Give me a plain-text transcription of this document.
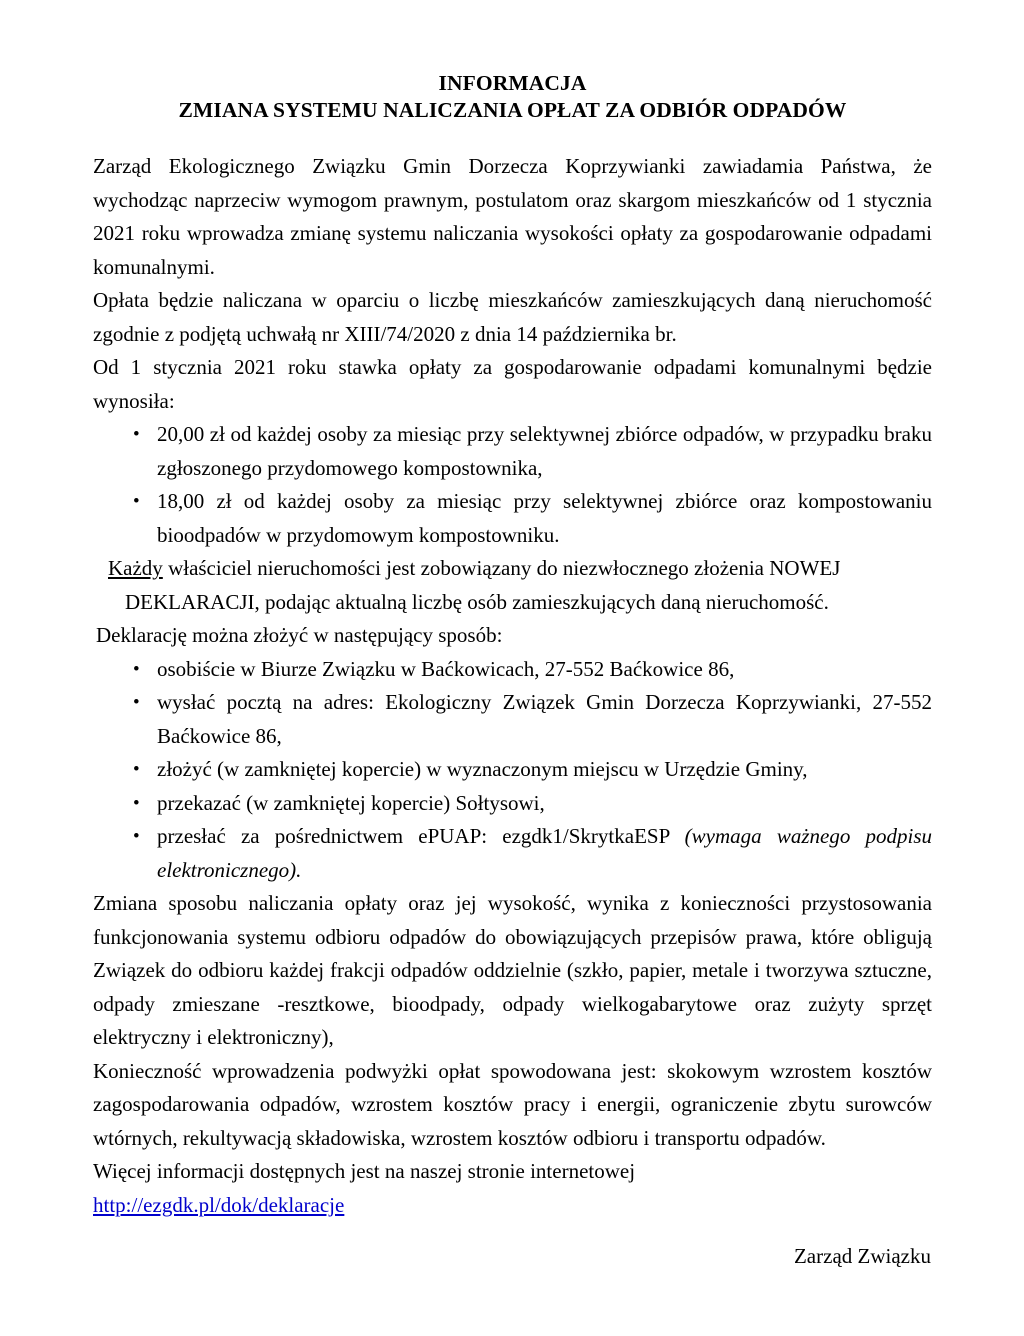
INFORMACJA
ZMIANA SYSTEMU NALICZANIA OPŁAT ZA ODBIÓR ODPADÓW

Zarząd Ekologicznego Związku Gmin Dorzecza Koprzywianki zawiadamia Państwa, że wychodząc naprzeciw wymogom prawnym, postulatom oraz skargom mieszkańców od 1 stycznia 2021 roku wprowadza zmianę systemu naliczania wysokości opłaty za gospodarowanie odpadami komunalnymi.

Opłata będzie naliczana w oparciu o liczbę mieszkańców zamieszkujących daną nieruchomość zgodnie z podjętą uchwałą nr XIII/74/2020 z dnia 14 października br.

Od 1 stycznia 2021 roku stawka opłaty za gospodarowanie odpadami komunalnymi będzie wynosiła:

• 20,00 zł od każdej osoby za miesiąc przy selektywnej zbiórce odpadów, w przypadku braku zgłoszonego przydomowego kompostownika,
• 18,00 zł od każdej osoby za miesiąc przy selektywnej zbiórce oraz kompostowaniu bioodpadów w przydomowym kompostowniku.

Każdy właściciel nieruchomości jest zobowiązany do niezwłocznego złożenia NOWEJ DEKLARACJI, podając aktualną liczbę osób zamieszkujących daną nieruchomość.

Deklarację można złożyć w następujący sposób:

• osobiście w Biurze Związku w Baćkowicach, 27-552 Baćkowice 86,
• wysłać pocztą na adres: Ekologiczny Związek Gmin Dorzecza Koprzywianki, 27-552 Baćkowice 86,
• złożyć (w zamkniętej kopercie) w wyznaczonym miejscu w Urzędzie Gminy,
• przekazać (w zamkniętej kopercie) Sołtysowi,
• przesłać za pośrednictwem ePUAP: ezgdk1/SkrytkaESP (wymaga ważnego podpisu elektronicznego).

Zmiana sposobu naliczania opłaty oraz jej wysokość, wynika z konieczności przystosowania funkcjonowania systemu odbioru odpadów do obowiązujących przepisów prawa, które obligują Związek do odbioru każdej frakcji odpadów oddzielnie (szkło, papier, metale i tworzywa sztuczne, odpady zmieszane -resztkowe, bioodpady, odpady wielkogabarytowe oraz zużyty sprzęt elektryczny i elektroniczny),

Konieczność wprowadzenia podwyżki opłat spowodowana jest: skokowym wzrostem kosztów zagospodarowania odpadów, wzrostem kosztów pracy i energii, ograniczenie zbytu surowców wtórnych, rekultywacją składowiska, wzrostem kosztów odbioru i transportu odpadów.

Więcej informacji dostępnych jest na naszej stronie internetowej

http://ezgdk.pl/dok/deklaracje

Zarząd Związku
